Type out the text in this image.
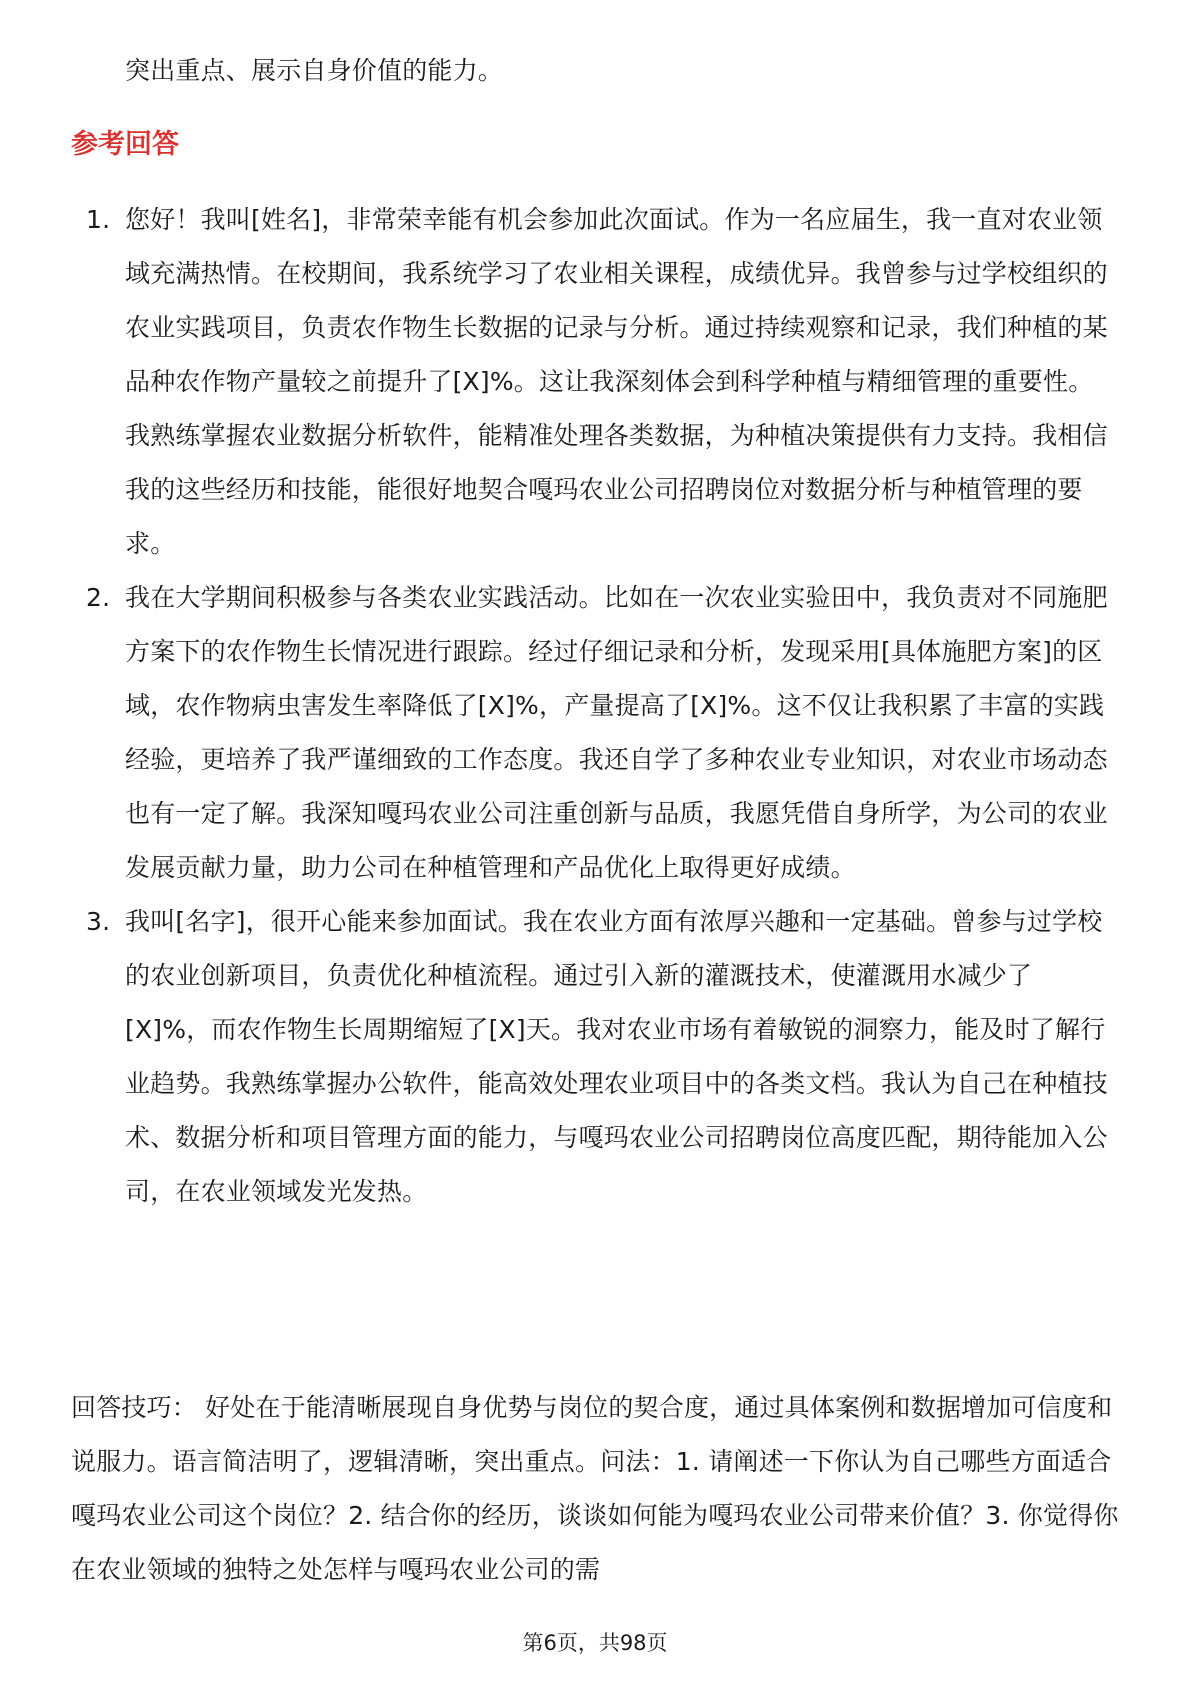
突出重点、展示自身价值的能力。
参考回答
1. 您好！我叫[姓名]，非常荣幸能有机会参加此次面试。作为一名应届生，我一直对农业领域充满热情。在校期间，我系统学习了农业相关课程，成绩优异。我曾参与过学校组织的农业实践项目，负责农作物生长数据的记录与分析。通过持续观察和记录，我们种植的某品种农作物产量较之前提升了[X]%。这让我深刻体会到科学种植与精细管理的重要性。我熟练掌握农业数据分析软件，能精准处理各类数据，为种植决策提供有力支持。我相信我的这些经历和技能，能很好地契合嘎玛农业公司招聘岗位对数据分析与种植管理的要求。

2. 我在大学期间积极参与各类农业实践活动。比如在一次农业实验田中，我负责对不同施肥方案下的农作物生长情况进行跟踪。经过仔细记录和分析，发现采用[具体施肥方案]的区域，农作物病虫害发生率降低了[X]%，产量提高了[X]%。这不仅让我积累了丰富的实践经验，更培养了我严谨细致的工作态度。我还自学了多种农业专业知识，对农业市场动态也有一定了解。我深知嘎玛农业公司注重创新与品质，我愿凭借自身所学，为公司的农业发展贡献力量，助力公司在种植管理和产品优化上取得更好成绩。

3. 我叫[名字]，很开心能来参加面试。我在农业方面有浓厚兴趣和一定基础。曾参与过学校的农业创新项目，负责优化种植流程。通过引入新的灌溉技术，使灌溉用水减少了[X]%，而农作物生长周期缩短了[X]天。我对农业市场有着敏锐的洞察力，能及时了解行业趋势。我熟练掌握办公软件，能高效处理农业项目中的各类文档。我认为自己在种植技术、数据分析和项目管理方面的能力，与嘎玛农业公司招聘岗位高度匹配，期待能加入公司，在农业领域发光发热。

回答技巧： 好处在于能清晰展现自身优势与岗位的契合度，通过具体案例和数据增加可信度和说服力。语言简洁明了，逻辑清晰，突出重点。问法：1. 请阐述一下你认为自己哪些方面适合嘎玛农业公司这个岗位？2. 结合你的经历，谈谈如何能为嘎玛农业公司带来价值？3. 你觉得你在农业领域的独特之处怎样与嘎玛农业公司的需

第6页，共98页
